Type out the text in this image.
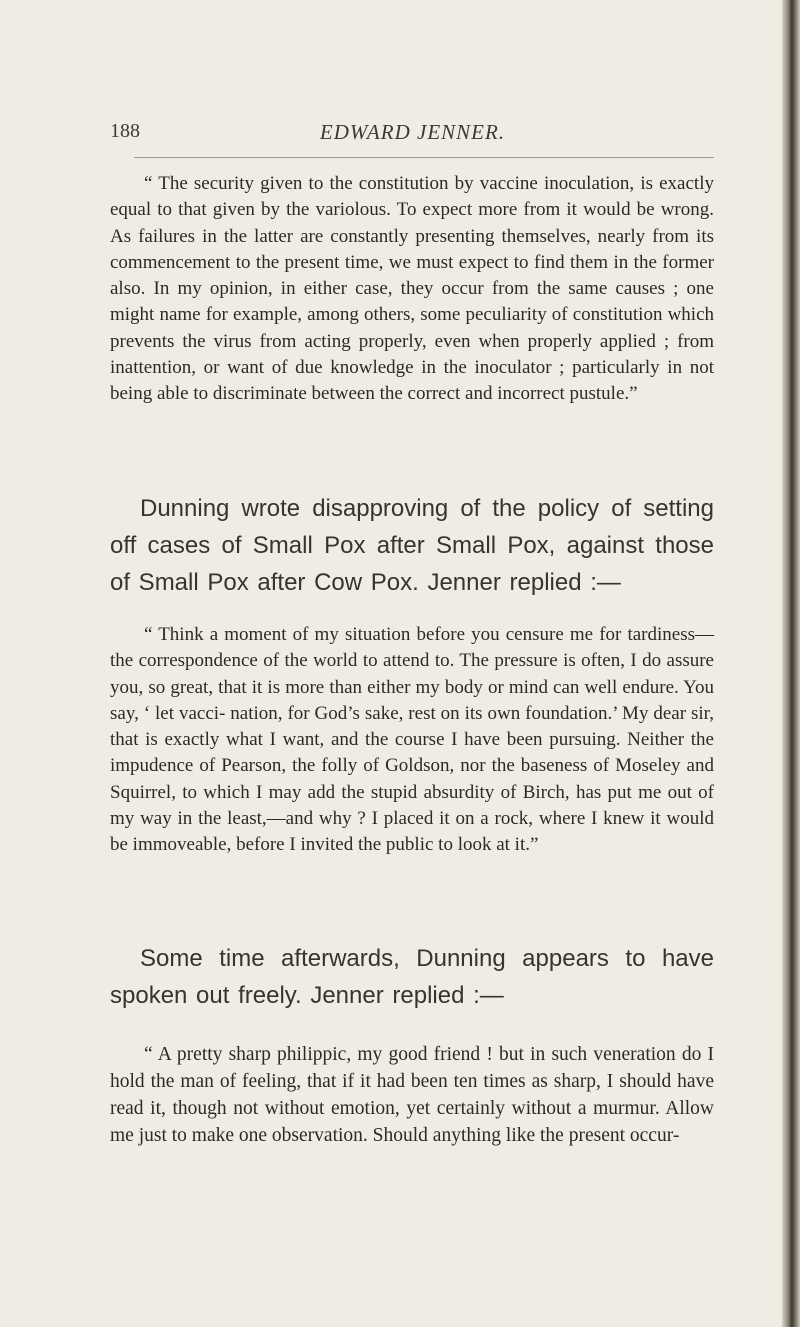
188	EDWARD JENNER.

“ The security given to the constitution by vaccine inoculation, is exactly equal to that given by the variolous. To expect more from it would be wrong. As failures in the latter are constantly presenting themselves, nearly from its commencement to the present time, we must expect to find them in the former also. In my opinion, in either case, they occur from the same causes ; one might name for example, among others, some peculiarity of constitution which prevents the virus from acting properly, even when properly applied ; from inattention, or want of due knowledge in the inoculator ; particularly in not being able to discriminate between the correct and incorrect pustule.”

Dunning wrote disapproving of the policy of setting off cases of Small Pox after Small Pox, against those of Small Pox after Cow Pox. Jenner replied :—

“ Think a moment of my situation before you censure me for tardiness—the correspondence of the world to attend to. The pressure is often, I do assure you, so great, that it is more than either my body or mind can well endure. You say, ‘ let vacci- nation, for God’s sake, rest on its own foundation.’ My dear sir, that is exactly what I want, and the course I have been pursuing. Neither the impudence of Pearson, the folly of Goldson, nor the baseness of Moseley and Squirrel, to which I may add the stupid absurdity of Birch, has put me out of my way in the least,—and why ? I placed it on a rock, where I knew it would be immoveable, before I invited the public to look at it.”

Some time afterwards, Dunning appears to have spoken out freely. Jenner replied :—

“ A pretty sharp philippic, my good friend ! but in such veneration do I hold the man of feeling, that if it had been ten times as sharp, I should have read it, though not without emotion, yet certainly without a murmur. Allow me just to make one observation. Should anything like the present occur-
